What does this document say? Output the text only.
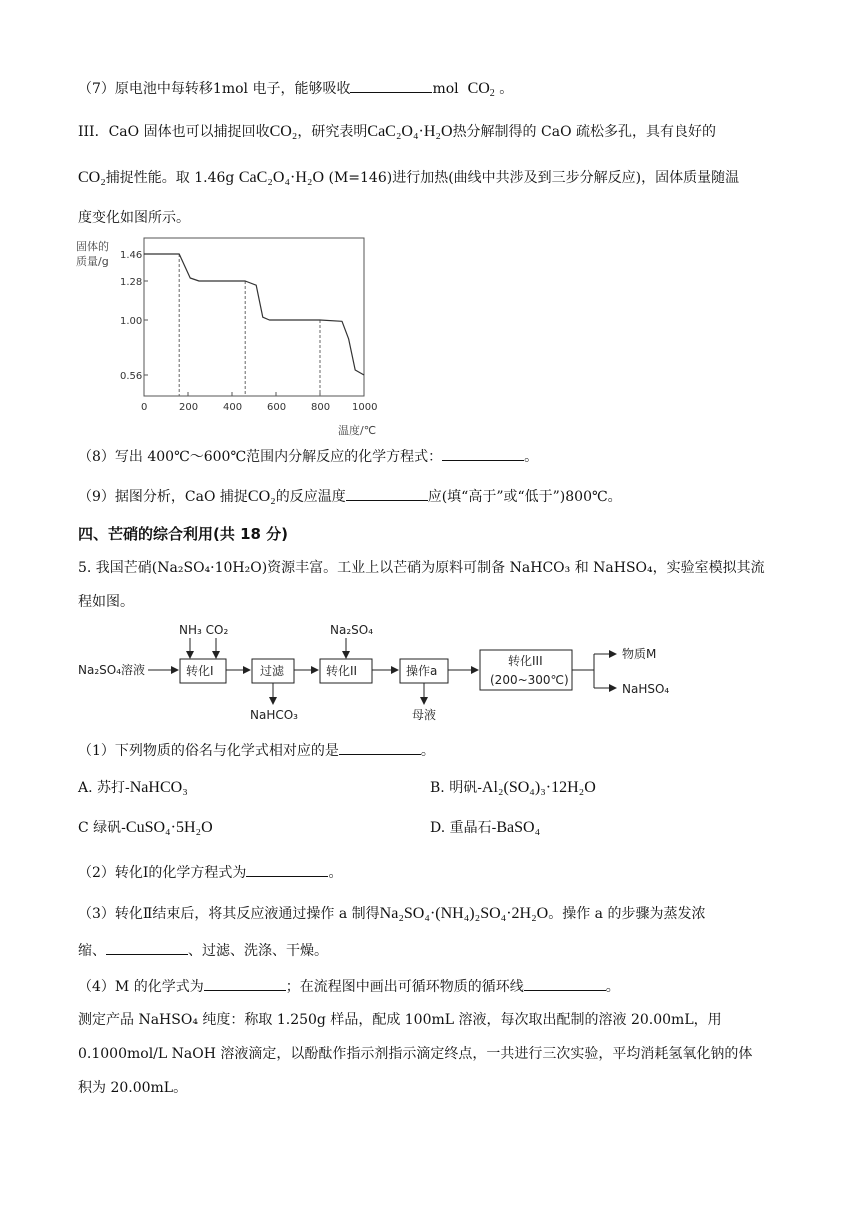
（7）原电池中每转移1mol 电子，能够吸收	mol $CO_2$ 。
III．CaO 固体也可以捕捉回收CO₂，研究表明CaC₂O₄·H₂O热分解制得的 CaO 疏松多孔，具有良好的
CO₂捕捉性能。取 1.46g CaC₂O₄·H₂O (M=146)进行加热(曲线中共涉及到三步分解反应)，固体质量随温
度变化如图所示。
固体的
质量/g
温度/℃
1.46
1.28
1.00
0.56
0	200 400 600 800 1000
（8）写出 400℃～600℃范围内分解反应的化学方程式：	。
（9）据图分析，CaO 捕捉CO₂的反应温度	应(填“高于”或“低于”)800℃。
四、芒硝的综合利用(共 18 分)
5. 我国芒硝(Na₂SO₄·10H₂O)资源丰富。工业上以芒硝为原料可制备 NaHCO₃ 和 NaHSO₄，实验室模拟其流
程如图。
Na₂SO₄溶液
NH₃ CO₂
转化I	过滤
NaHCO₃
Na₂SO₄
转化II	操作a
母液
转化III
(200~300℃)
物质M
NaHSO₄
（1）下列物质的俗名与化学式相对应的是	。
A. 苏打-NaHCO₃	B. 明矾-Al₂(SO₄)₃·12H₂O
C 绿矾-CuSO₄·5H₂O	D. 重晶石-BaSO₄
（2）转化Ⅰ的化学方程式为	。
（3）转化Ⅱ结束后，将其反应液通过操作 a 制得Na₂SO₄·(NH₄)₂SO₄·2H₂O。操作 a 的步骤为蒸发浓
缩、	、过滤、洗涤、干燥。
（4）M 的化学式为	；在流程图中画出可循环物质的循环线	。
测定产品 NaHSO₄ 纯度：称取 1.250g 样品，配成 100mL 溶液，每次取出配制的溶液 20.00mL，用
0.1000mol/L NaOH 溶液滴定，以酚酞作指示剂指示滴定终点，一共进行三次实验，平均消耗氢氧化钠的体
积为 20.00mL。
